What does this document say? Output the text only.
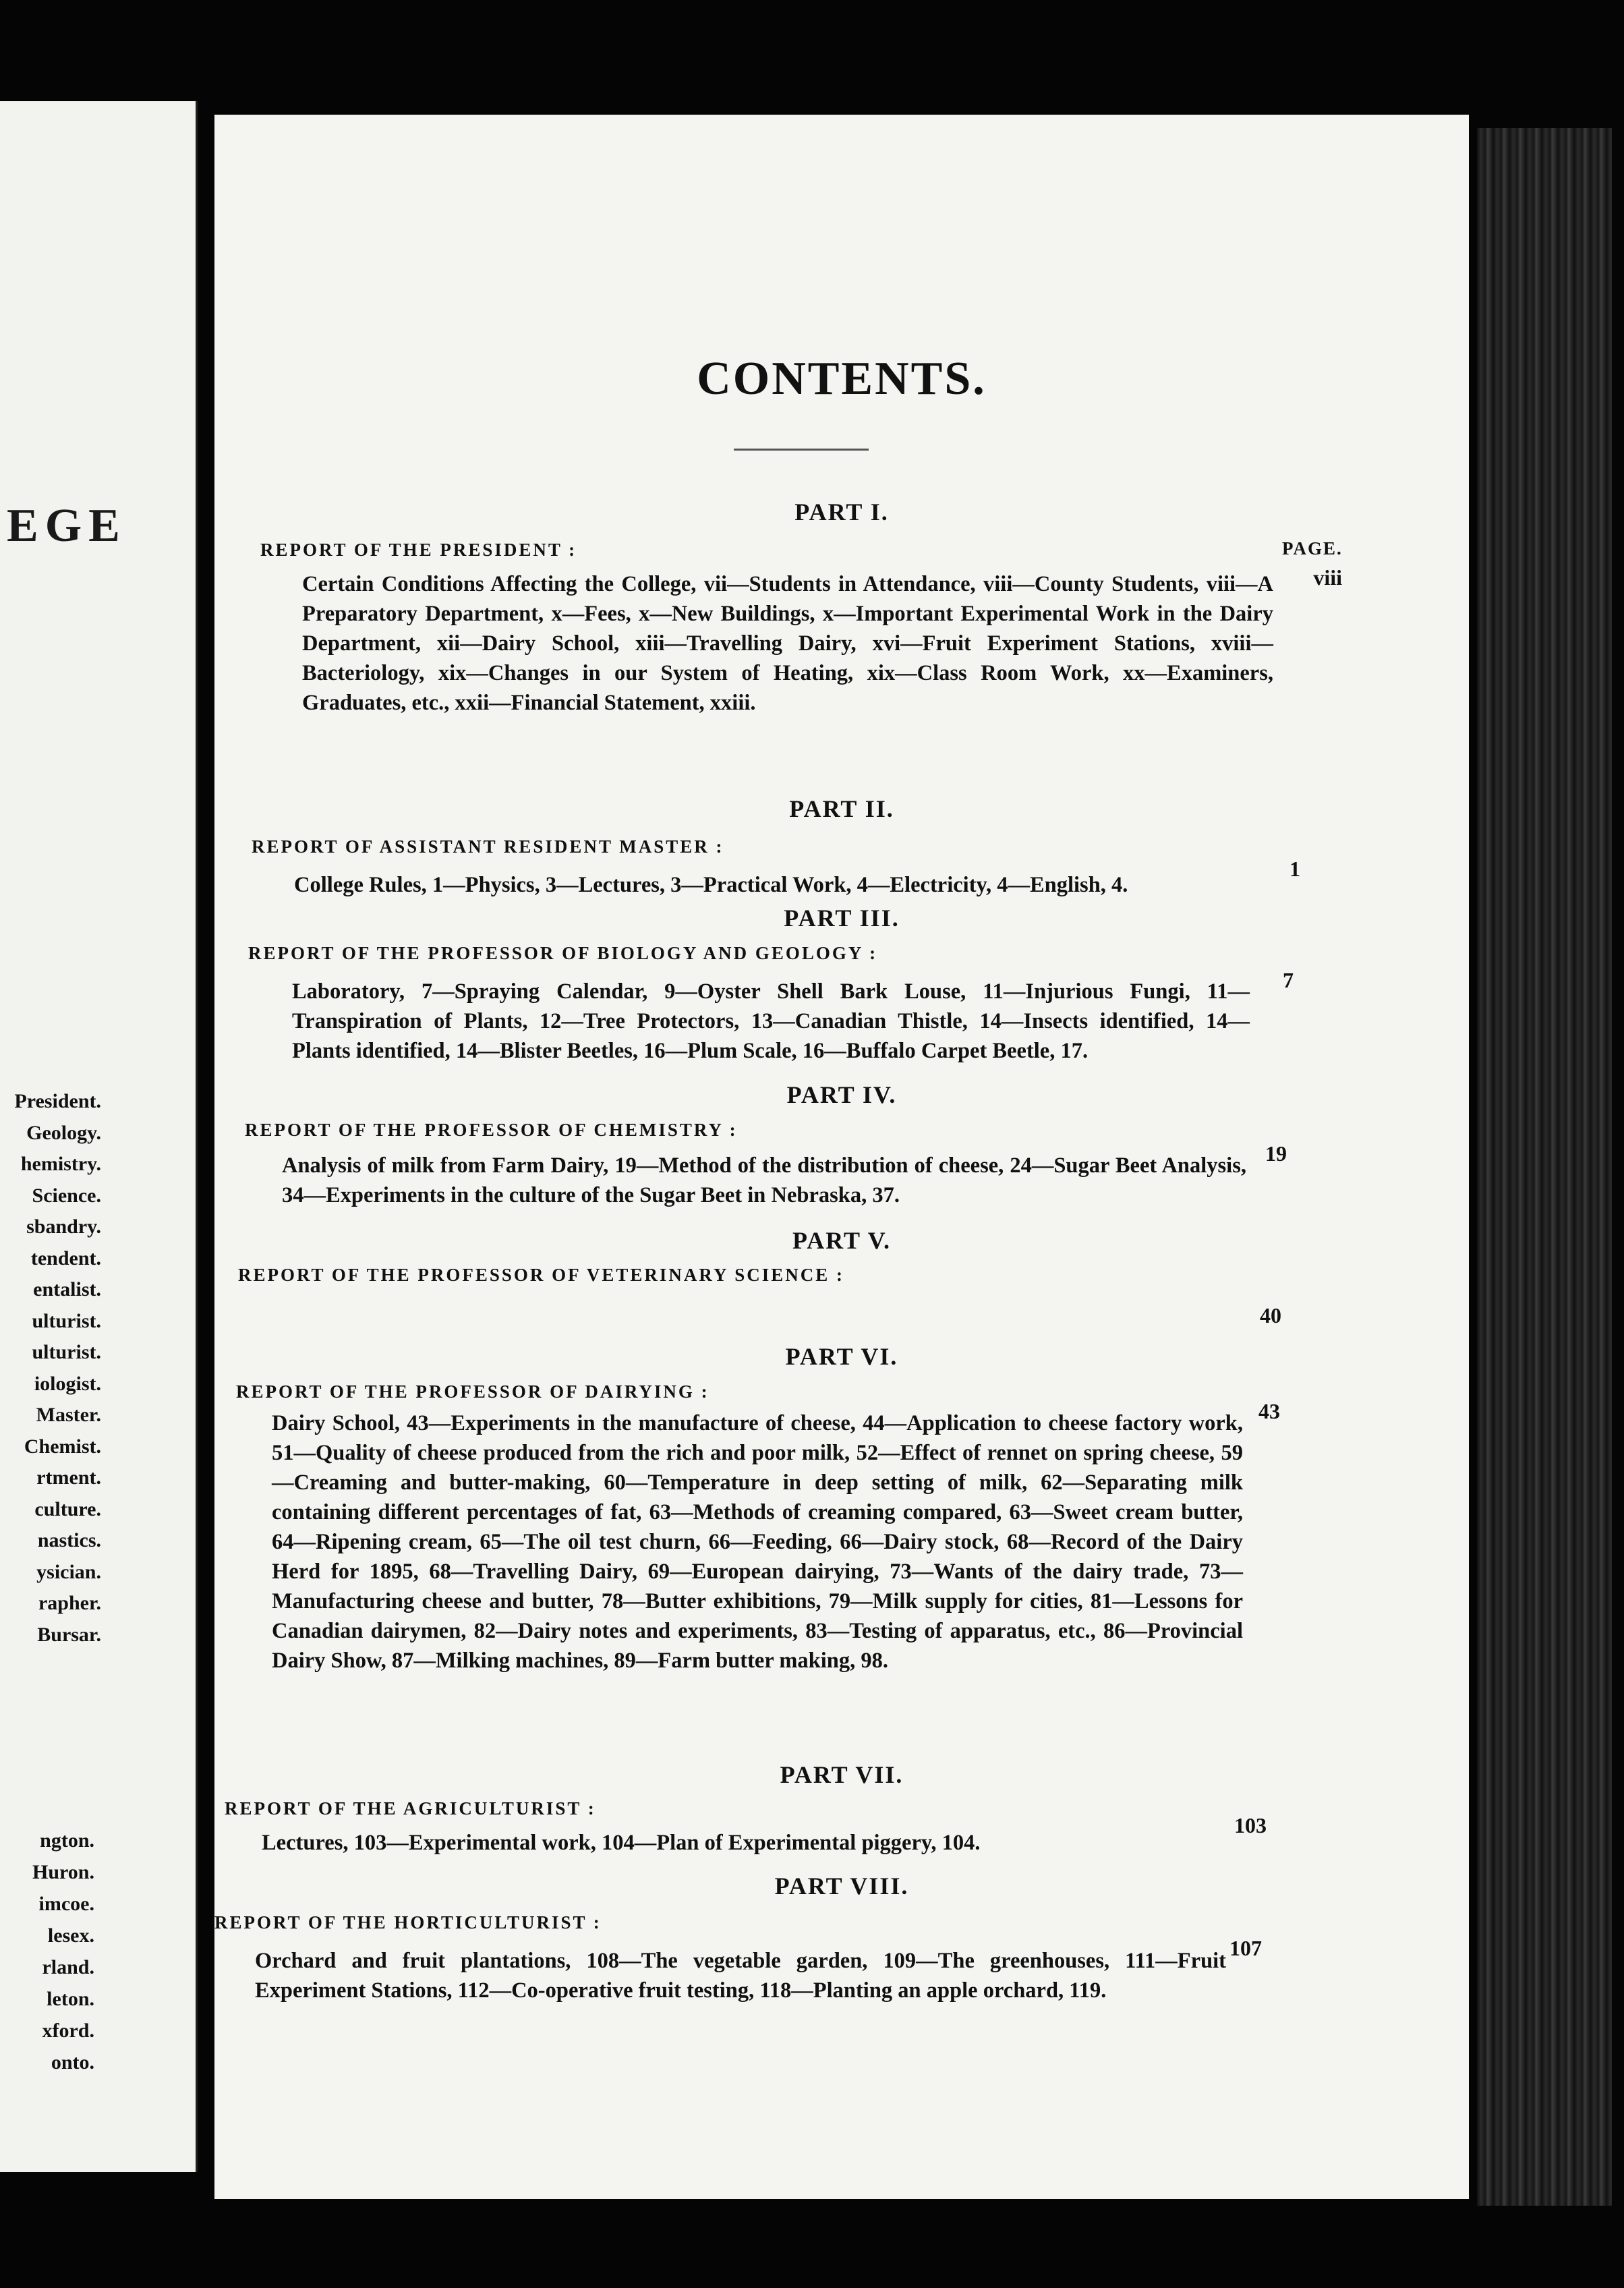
EGE
President.
Geology.
hemistry.
Science.
sbandry.
tendent.
entalist.
ulturist.
ulturist.
iologist.
Master.
Chemist.
rtment.
culture.
nastics.
ysician.
rapher.
Bursar.
ngton.
Huron.
imcoe.
lesex.
rland.
leton.
xford.
onto.
CONTENTS.
PAGE.
PART I.
REPORT OF THE PRESIDENT :
viii
Certain Conditions Affecting the College, vii—Students in Attendance, viii—County Students, viii—A Preparatory Department, x—Fees, x—New Buildings, x—Important Experimental Work in the Dairy Department, xii—Dairy School, xiii—Travelling Dairy, xvi—Fruit Experiment Stations, xviii—Bacteriology, xix—Changes in our System of Heating, xix—Class Room Work, xx—Examiners, Graduates, etc., xxii—Financial Statement, xxiii.
PART II.
REPORT OF ASSISTANT RESIDENT MASTER :
1
College Rules, 1—Physics, 3—Lectures, 3—Practical Work, 4—Electricity, 4—English, 4.
PART III.
REPORT OF THE PROFESSOR OF BIOLOGY AND GEOLOGY :
7
Laboratory, 7—Spraying Calendar, 9—Oyster Shell Bark Louse, 11—Injurious Fungi, 11—Transpiration of Plants, 12—Tree Protectors, 13—Canadian Thistle, 14—Insects identified, 14—Plants identified, 14—Blister Beetles, 16—Plum Scale, 16—Buffalo Carpet Beetle, 17.
PART IV.
REPORT OF THE PROFESSOR OF CHEMISTRY :
19
Analysis of milk from Farm Dairy, 19—Method of the distribution of cheese, 24—Sugar Beet Analysis, 34—Experiments in the culture of the Sugar Beet in Nebraska, 37.
PART V.
REPORT OF THE PROFESSOR OF VETERINARY SCIENCE :
40
PART VI.
REPORT OF THE PROFESSOR OF DAIRYING :
43
Dairy School, 43—Experiments in the manufacture of cheese, 44—Application to cheese factory work, 51—Quality of cheese produced from the rich and poor milk, 52—Effect of rennet on spring cheese, 59—Creaming and butter-making, 60—Temperature in deep setting of milk, 62—Separating milk containing different percentages of fat, 63—Methods of creaming compared, 63—Sweet cream butter, 64—Ripening cream, 65—The oil test churn, 66—Feeding, 66—Dairy stock, 68—Record of the Dairy Herd for 1895, 68—Travelling Dairy, 69—European dairying, 73—Wants of the dairy trade, 73—Manufacturing cheese and butter, 78—Butter exhibitions, 79—Milk supply for cities, 81—Lessons for Canadian dairymen, 82—Dairy notes and experiments, 83—Testing of apparatus, etc., 86—Provincial Dairy Show, 87—Milking machines, 89—Farm butter making, 98.
PART VII.
REPORT OF THE AGRICULTURIST :
103
Lectures, 103—Experimental work, 104—Plan of Experimental piggery, 104.
PART VIII.
REPORT OF THE HORTICULTURIST :
107
Orchard and fruit plantations, 108—The vegetable garden, 109—The greenhouses, 111—Fruit Experiment Stations, 112—Co-operative fruit testing, 118—Planting an apple orchard, 119.
